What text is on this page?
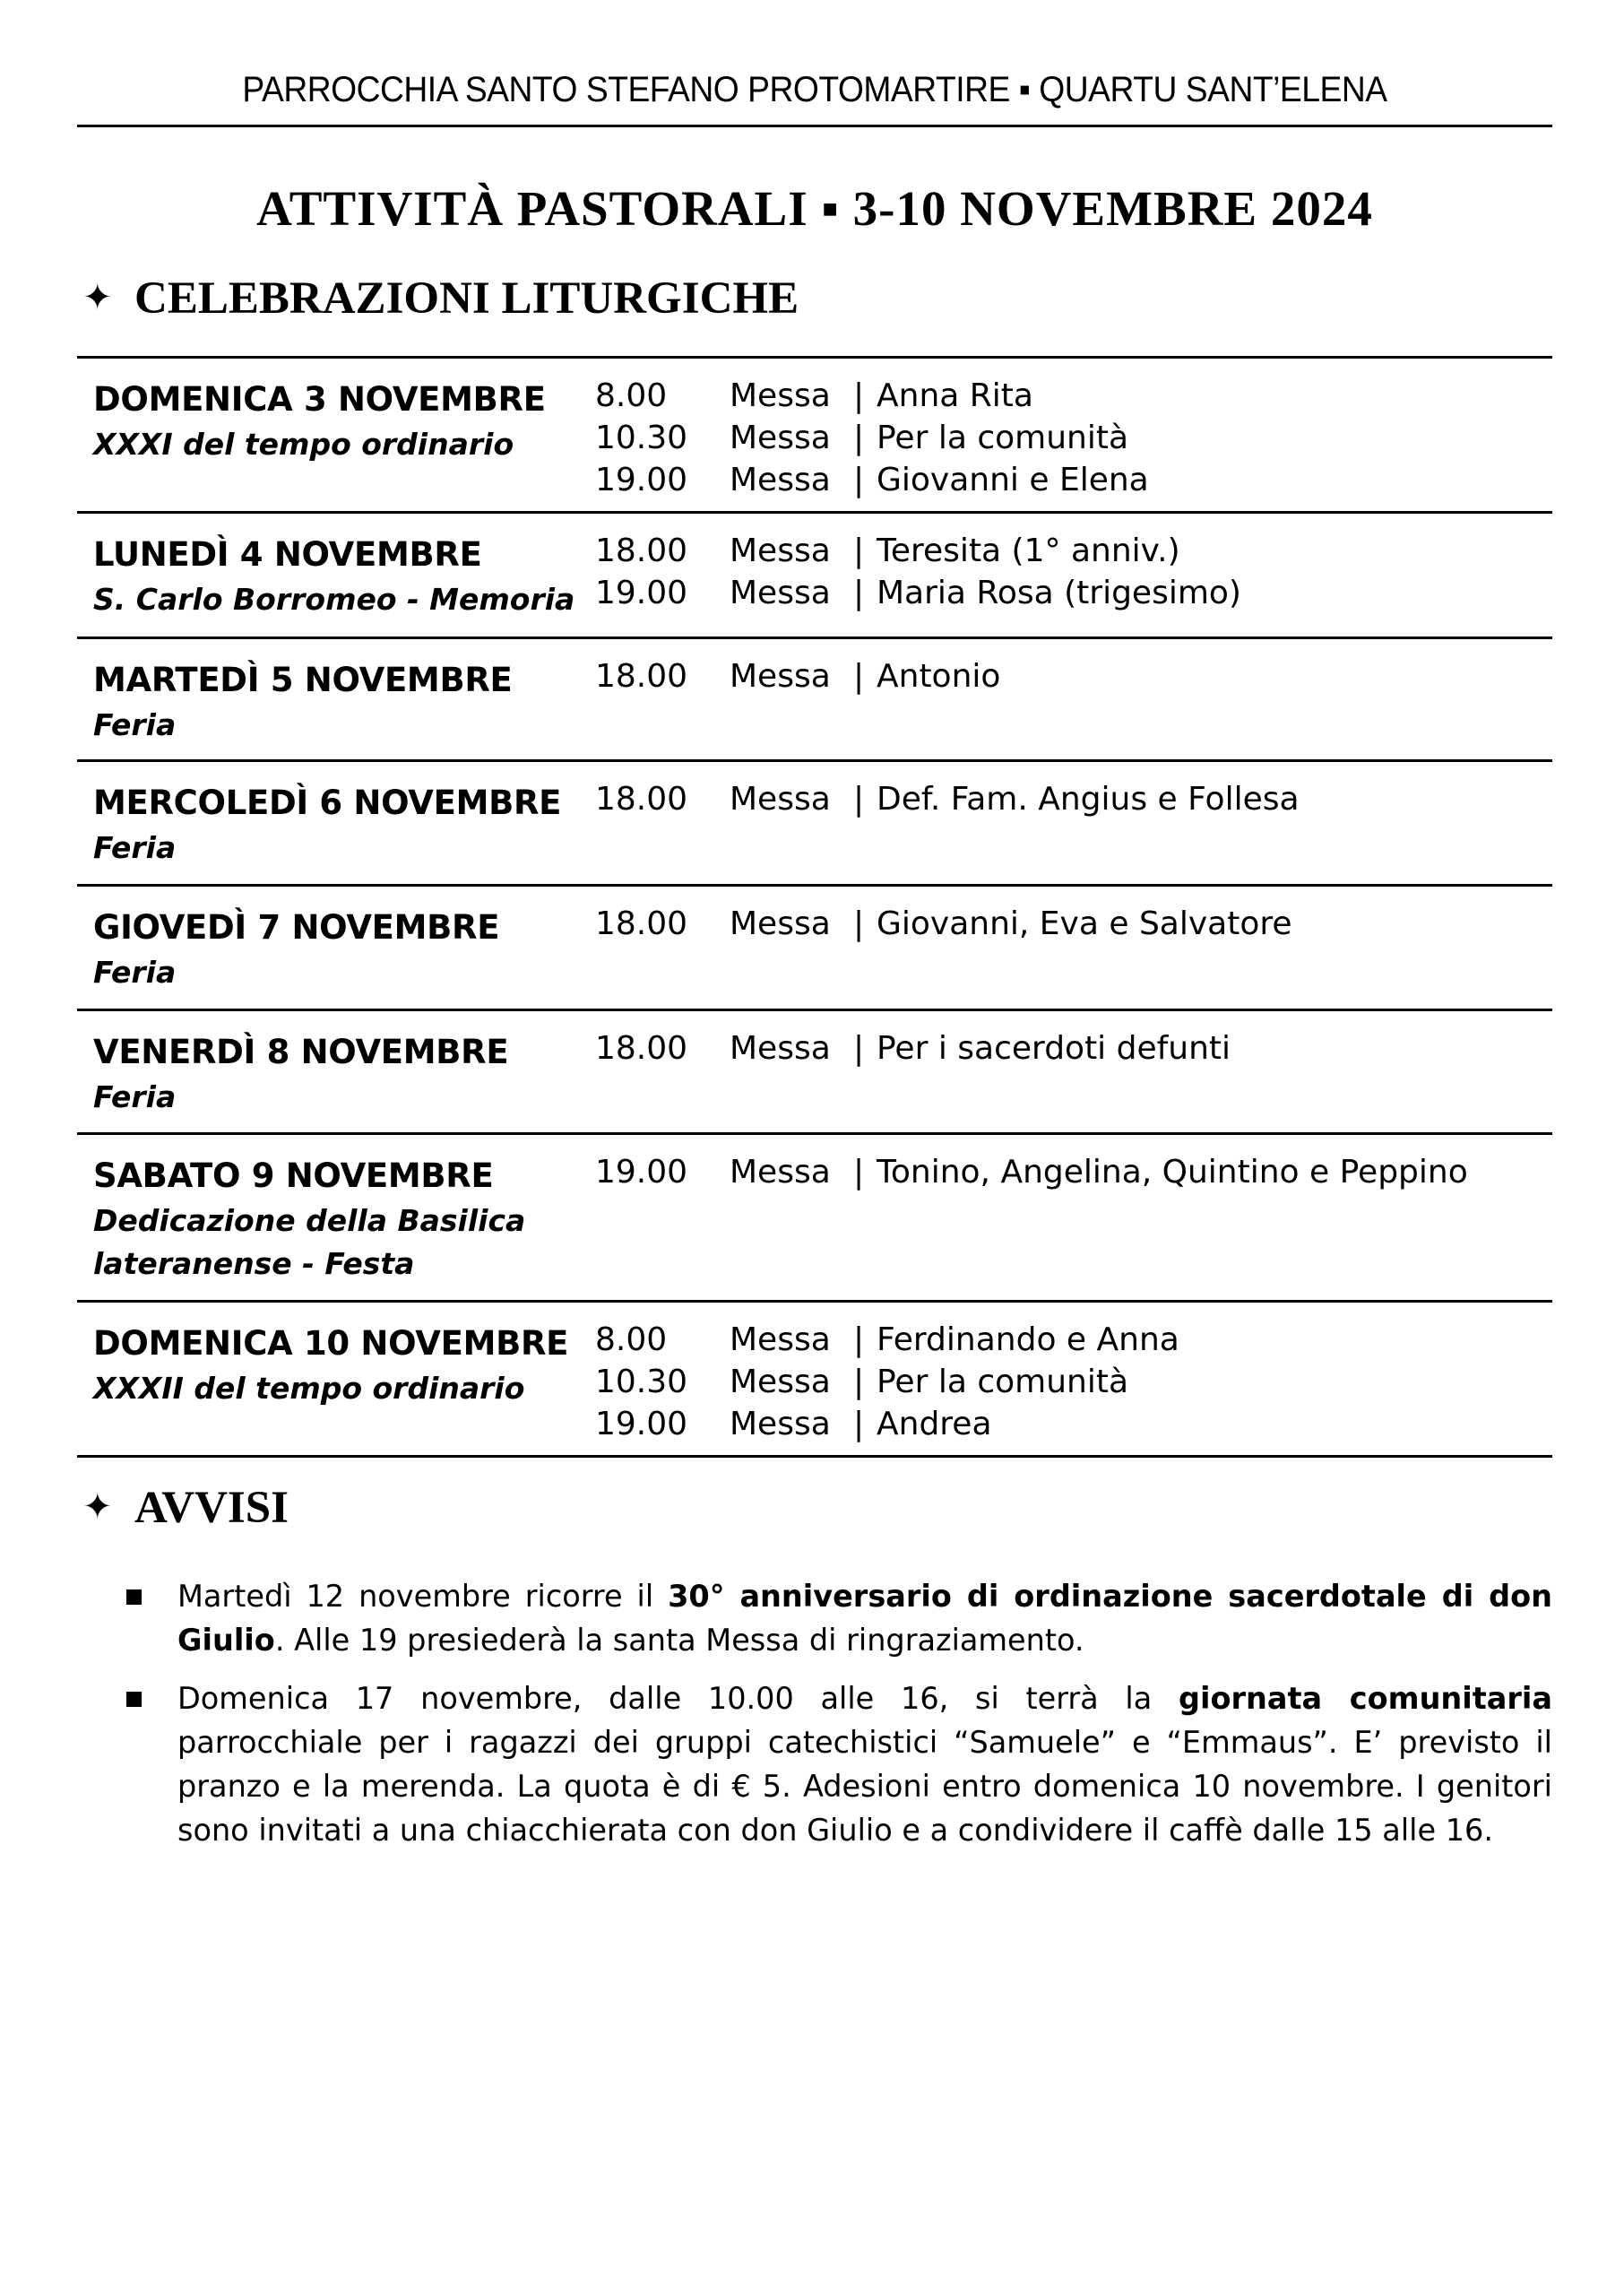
PARROCCHIA SANTO STEFANO PROTOMARTIRE ▪ QUARTU SANT’ELENA
ATTIVITÀ PASTORALI ▪ 3-10 NOVEMBRE 2024
✦ CELEBRAZIONI LITURGICHE
DOMENICA 3 NOVEMBRE
XXXI del tempo ordinario
8.00	Messa | Anna Rita
10.30	Messa | Per la comunità
19.00	Messa | Giovanni e Elena
LUNEDÌ 4 NOVEMBRE
S. Carlo Borromeo - Memoria
18.00	Messa | Teresita (1° anniv.)
19.00	Messa | Maria Rosa (trigesimo)
MARTEDÌ 5 NOVEMBRE
Feria
18.00	Messa | Antonio
MERCOLEDÌ 6 NOVEMBRE
Feria
18.00	Messa | Def. Fam. Angius e Follesa
GIOVEDÌ 7 NOVEMBRE
Feria
18.00	Messa | Giovanni, Eva e Salvatore
VENERDÌ 8 NOVEMBRE
Feria
18.00	Messa | Per i sacerdoti defunti
SABATO 9 NOVEMBRE
Dedicazione della Basilica
lateranense - Festa
19.00	Messa | Tonino, Angelina, Quintino e Peppino
DOMENICA 10 NOVEMBRE
XXXII del tempo ordinario
8.00	Messa | Ferdinando e Anna
10.30	Messa | Per la comunità
19.00	Messa | Andrea
✦ AVVISI
Martedì 12 novembre ricorre il 30° anniversario di ordinazione sacerdotale di don Giulio. Alle 19 presiederà la santa Messa di ringraziamento.
Domenica 17 novembre, dalle 10.00 alle 16, si terrà la giornata comunitaria parrocchiale per i ragazzi dei gruppi catechistici “Samuele” e “Emmaus”. E’ previsto il pranzo e la merenda. La quota è di € 5. Adesioni entro domenica 10 novembre. I genitori sono invitati a una chiacchierata con don Giulio e a condividere il caffè dalle 15 alle 16.
